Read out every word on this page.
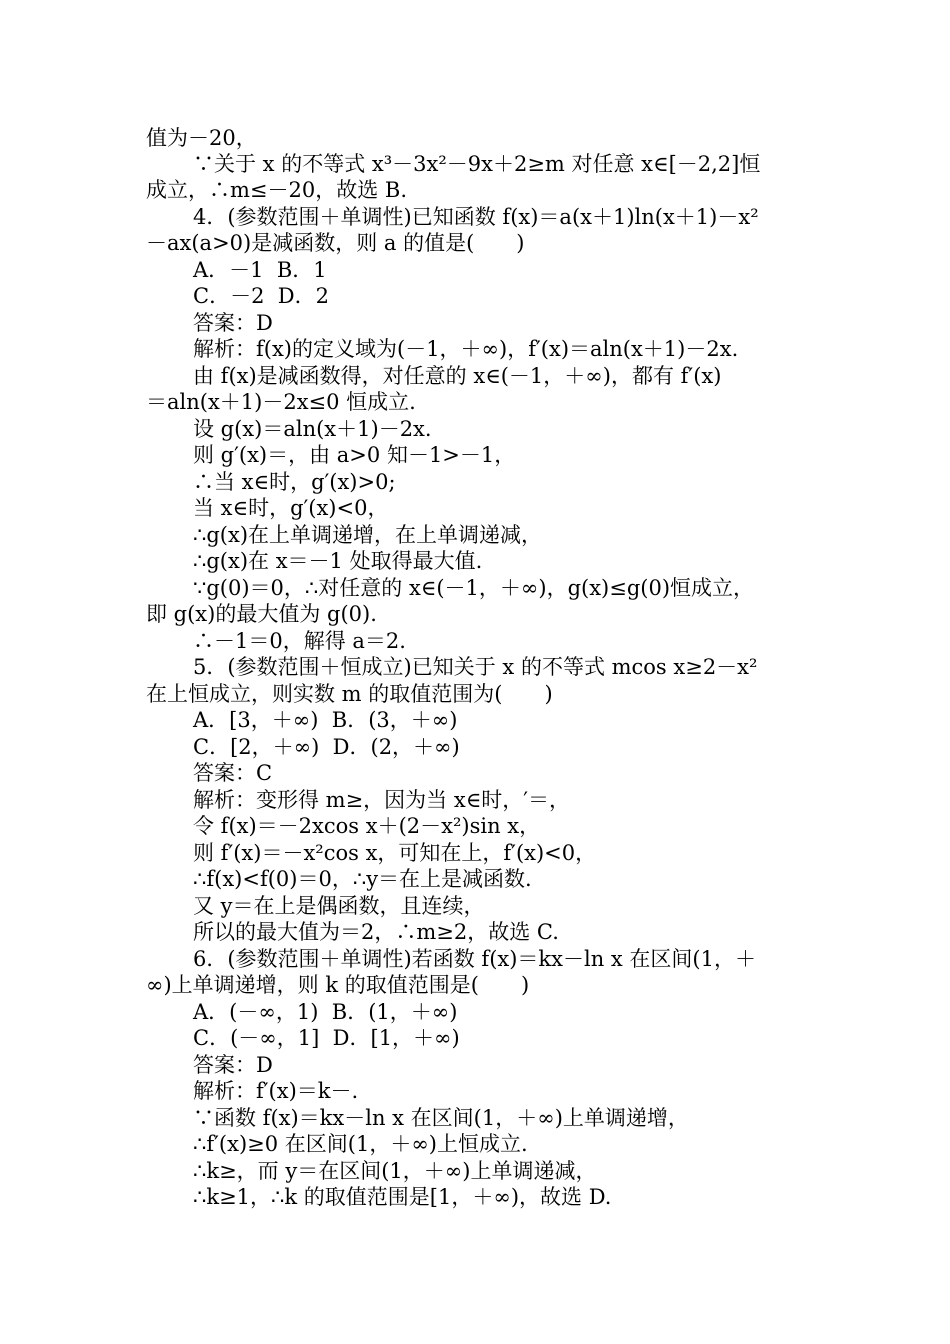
值为－20，
∵关于 x 的不等式 x³－3x²－9x＋2≥m 对任意 x∈[－2,2]恒
成立，∴m≤－20，故选 B.
4．(参数范围＋单调性)已知函数 f(x)＝a(x＋1)ln(x＋1)－x²
－ax(a>0)是减函数，则 a 的值是(　　)
A．－1  B．1
C．－2  D．2
答案：D
解析：f(x)的定义域为(－1，＋∞)，f′(x)＝aln(x＋1)－2x.
由 f(x)是减函数得，对任意的 x∈(－1，＋∞)，都有 f′(x)
＝aln(x＋1)－2x≤0 恒成立.
设 g(x)＝aln(x＋1)－2x.
则 g′(x)＝，由 a>0 知－1>－1，
∴当 x∈时，g′(x)>0;
当 x∈时，g′(x)<0，
∴g(x)在上单调递增，在上单调递减，
∴g(x)在 x＝－1 处取得最大值.
∵g(0)＝0，∴对任意的 x∈(－1，＋∞)，g(x)≤g(0)恒成立，
即 g(x)的最大值为 g(0).
∴－1＝0，解得 a＝2.
5．(参数范围＋恒成立)已知关于 x 的不等式 mcos x≥2－x²
在上恒成立，则实数 m 的取值范围为(　　)
A．[3，＋∞)  B．(3，＋∞)
C．[2，＋∞)  D．(2，＋∞)
答案：C
解析：变形得 m≥，因为当 x∈时，′＝，
令 f(x)＝－2xcos x＋(2－x²)sin x，
则 f′(x)＝－x²cos x，可知在上，f′(x)<0，
∴f(x)<f(0)＝0，∴y＝在上是减函数.
又 y＝在上是偶函数，且连续，
所以的最大值为＝2，∴m≥2，故选 C.
6．(参数范围＋单调性)若函数 f(x)＝kx－ln x 在区间(1，＋
∞)上单调递增，则 k 的取值范围是(　　)
A．(－∞，1)  B．(1，＋∞)
C．(－∞，1]  D．[1，＋∞)
答案：D
解析：f′(x)＝k－.
∵函数 f(x)＝kx－ln x 在区间(1，＋∞)上单调递增，
∴f′(x)≥0 在区间(1，＋∞)上恒成立.
∴k≥，而 y＝在区间(1，＋∞)上单调递减，
∴k≥1，∴k 的取值范围是[1，＋∞)，故选 D.
